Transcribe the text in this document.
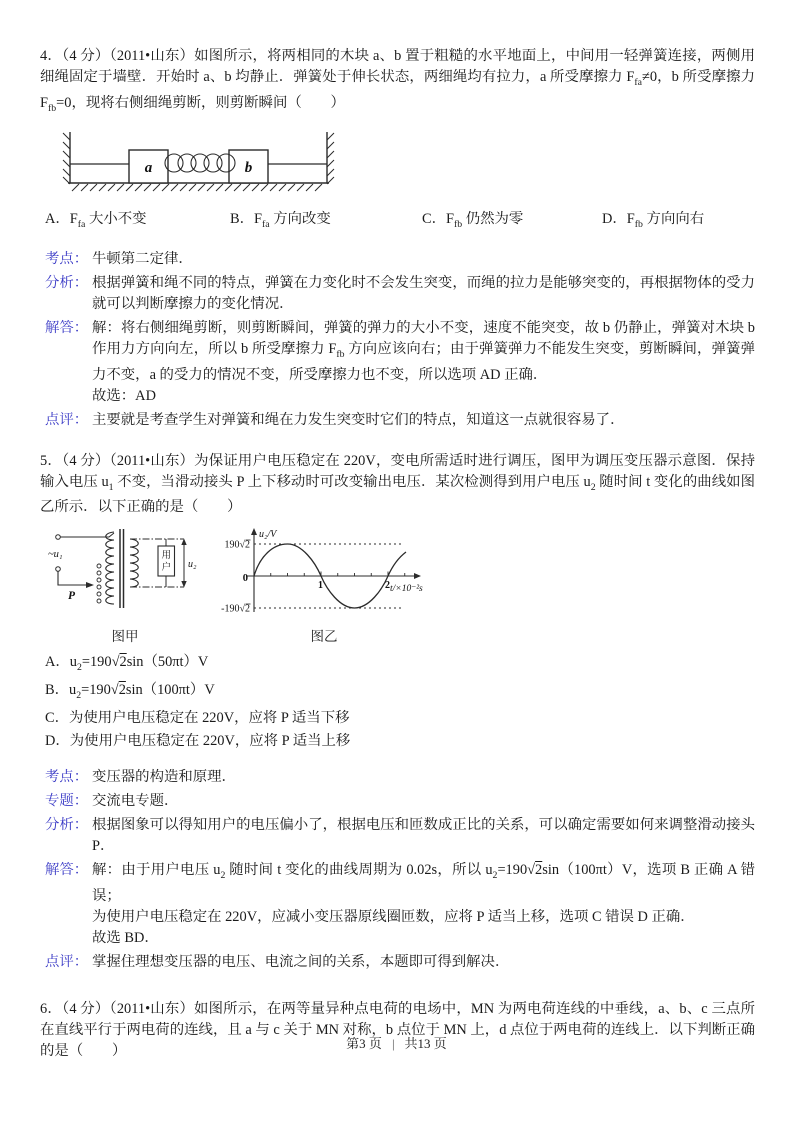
4．（4 分）（2011•山东）如图所示，将两相同的木块 a、b 置于粗糙的水平地面上，中间用一轻弹簧连接，两侧用细绳固定于墙壁．开始时 a、b 均静止．弹簧处于伸长状态，两细绳均有拉力，a 所受摩擦力 $F_{fa}\ne 0$，b 所受摩擦力 $F_{fb}=0$，现将右侧细绳剪断，则剪断瞬间（　　）

a	b
A．$F_{fa}$ 大小不变	B．$F_{fa}$ 方向改变	C．$F_{fb}$ 仍然为零	D．$F_{fb}$ 方向向右
考点： 牛顿第二定律．
分析： 根据弹簧和绳不同的特点，弹簧在力变化时不会发生突变，而绳的拉力是能够突变的，再根据物体的受力就可以判断摩擦力的变化情况．
解答： 解：将右侧细绳剪断，则剪断瞬间，弹簧的弹力的大小不变，速度不能突变，故 b 仍静止，弹簧对木块 b 作用力方向向左，所以 b 所受摩擦力 $F_{fb}$ 方向应该向右；由于弹簧弹力不能发生突变，剪断瞬间，弹簧弹力不变，a 的受力的情况不变，所受摩擦力也不变，所以选项 AD 正确．
故选：AD
点评： 主要就是考查学生对弹簧和绳在力发生突变时它们的特点，知道这一点就很容易了．

5．（4 分）（2011•山东）为保证用户电压稳定在 220V，变电所需适时进行调压，图甲为调压变压器示意图．保持输入电压 $u_1$ 不变，当滑动接头 P 上下移动时可改变输出电压．某次检测得到用户电压 $u_2$ 随时间 t 变化的曲线如图乙所示．以下正确的是（　　）

~u₁
P
用
户 u₂
图甲
u₂/V
190√2
-190√2
0
1	2 t/×10⁻²s
图乙
A．$u_2=190√2\sin(50\pi t)V$
B．$u_2=190√2\sin(100\pi t)V$
C．为使用户电压稳定在 220V，应将 P 适当下移
D．为使用户电压稳定在 220V，应将 P 适当上移
考点： 变压器的构造和原理．
专题： 交流电专题．
分析： 根据图象可以得知用户的电压偏小了，根据电压和匝数成正比的关系，可以确定需要如何来调整滑动接头 P．
解答： 解：由于用户电压 $u_2$ 随时间 t 变化的曲线周期为 0.02s，所以 $u_2=190√2\sin(100\pi t)V$，选项 B 正确 A 错误；
为使用户电压稳定在 220V，应减小变压器原线圈匝数，应将 P 适当上移，选项 C 错误 D 正确．
故选 BD．
点评： 掌握住理想变压器的电压、电流之间的关系，本题即可得到解决．

6．（4 分）（2011•山东）如图所示，在两等量异种点电荷的电场中，MN 为两电荷连线的中垂线，a、b、c 三点所在直线平行于两电荷的连线，且 a 与 c 关于 MN 对称，b 点位于 MN 上，d 点位于两电荷的连线上．以下判断正确的是（　　）	第3 页 | 共13 页
